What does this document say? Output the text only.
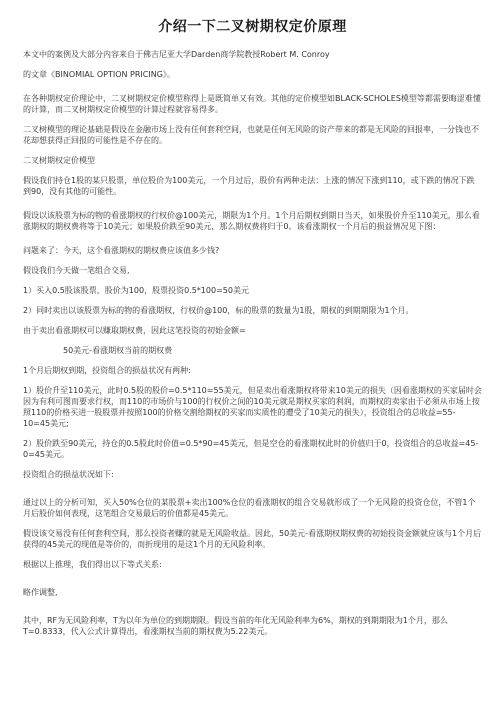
介绍一下二叉树期权定价原理

本文中的案例及大部分内容来自于佛吉尼亚大学Darden商学院教授Robert M. Conroy

的文章《BINOMIAL OPTION PRICING》。

在各种期权定价理论中，二叉树期权定价模型称得上是既简单又有效。其他的定价模型如BLACK-SCHOLES模型等都需要晦涩难懂的计算，而二叉树期权定价模型的计算过程就容易得多。

二叉树模型的理论基础是假设在金融市场上没有任何套利空间，也就是任何无风险的资产带来的都是无风险的回报率，一分钱也不花却想获得正回报的可能性是不存在的。

二叉树期权定价模型

假设我们持仓1股的某只股票，单位股价为100美元，一个月过后，股价有两种走法：上涨的情况下涨到110，或下跌的情况下跌到90，没有其他的可能性。

假设以该股票为标的物的看涨期权的行权价@100美元，期限为1个月。1个月后期权到期日当天，如果股价升至110美元，那么看涨期权的期权费将等于10美元；如果股价跌至90美元，那么期权费将归于0。该看涨期权一个月后的损益情况见下图：

问题来了：今天，这个看涨期权的期权费应该值多少钱?

假设我们今天做一笔组合交易,

1）买入0.5股该股票，股价为100，股票投资0.5*100=50美元

2）同时卖出以该股票为标的物的看涨期权，行权价@100，标的股票的数量为1股，期权的到期期限为1个月。

由于卖出看涨期权可以赚取期权费，因此这笔投资的初始金额=

50美元-看涨期权当前的期权费

1个月后期权到期，投资组合的损益状况有两种:

1）股价升至110美元，此时0.5股的股价=0.5*110=55美元，但是卖出看涨期权将带来10美元的损失（因看涨期权的买家届时会因为有利可图而要求行权，而110的市场价与100的行权价之间的10美元就是期权买家的利润，而期权的卖家由于必须从市场上按照110的价格买进一股股票并按照100的价格交割给期权的买家而实质性的遭受了10美元的损失），投资组合的总收益=55-10=45美元;

2）股价跌至90美元，持仓的0.5股此时价值=0.5*90=45美元，但是空仓的看涨期权此时的价值归于0，投资组合的总收益=45-0=45美元。

投资组合的损益状况如下:

通过以上的分析可知，买入50%仓位的某股票+卖出100%仓位的看涨期权的组合交易就形成了一个无风险的投资仓位，不管1个月后股价如何表现，这笔组合交易最后的价值都是45美元。

假设该交易没有任何套利空间，那么投资者赚的就是无风险收益。因此，50美元-看涨期权期权费的初始投资金额就应该与1个月后获得的45美元的现值是等价的，而折现用的是这1个月的无风险利率。

根据以上推理，我们得出以下等式关系:

略作调整,

其中，RF为无风险利率，T为以年为单位的到期期限。假设当前的年化无风险利率为6%，期权的到期期限为1个月，那么T=0.8333，代入公式计算得出，看涨期权当前的期权费为5.22美元。
